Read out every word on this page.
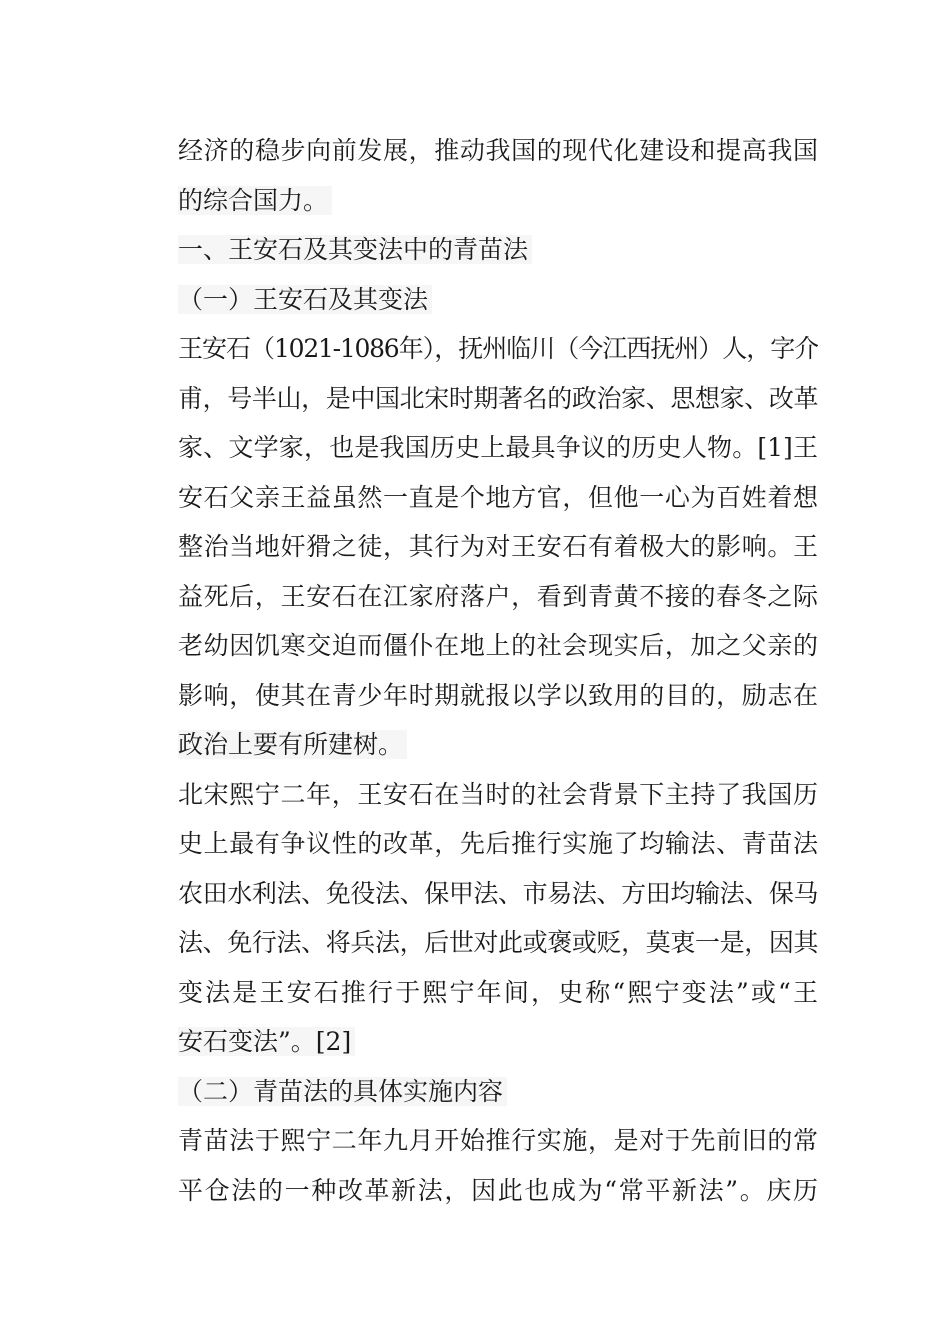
经济的稳步向前发展，推动我国的现代化建设和提高我国
的综合国力。
一、王安石及其变法中的青苗法
（一）王安石及其变法
王安石（1021-1086年），抚州临川（今江西抚州）人，字介
甫，号半山，是中国北宋时期著名的政治家、思想家、改革
家、文学家，也是我国历史上最具争议的历史人物。[1]王
安石父亲王益虽然一直是个地方官，但他一心为百姓着想
整治当地奸猾之徒，其行为对王安石有着极大的影响。王
益死后，王安石在江家府落户，看到青黄不接的春冬之际
老幼因饥寒交迫而僵仆在地上的社会现实后，加之父亲的
影响，使其在青少年时期就报以学以致用的目的，励志在
政治上要有所建树。
北宋熙宁二年，王安石在当时的社会背景下主持了我国历
史上最有争议性的改革，先后推行实施了均输法、青苗法
农田水利法、免役法、保甲法、市易法、方田均输法、保马
法、免行法、将兵法，后世对此或褒或贬，莫衷一是，因其
变法是王安石推行于熙宁年间，史称“熙宁变法”或“王
安石变法”。[2]
（二）青苗法的具体实施内容
青苗法于熙宁二年九月开始推行实施，是对于先前旧的常
平仓法的一种改革新法，因此也成为“常平新法”。庆历
